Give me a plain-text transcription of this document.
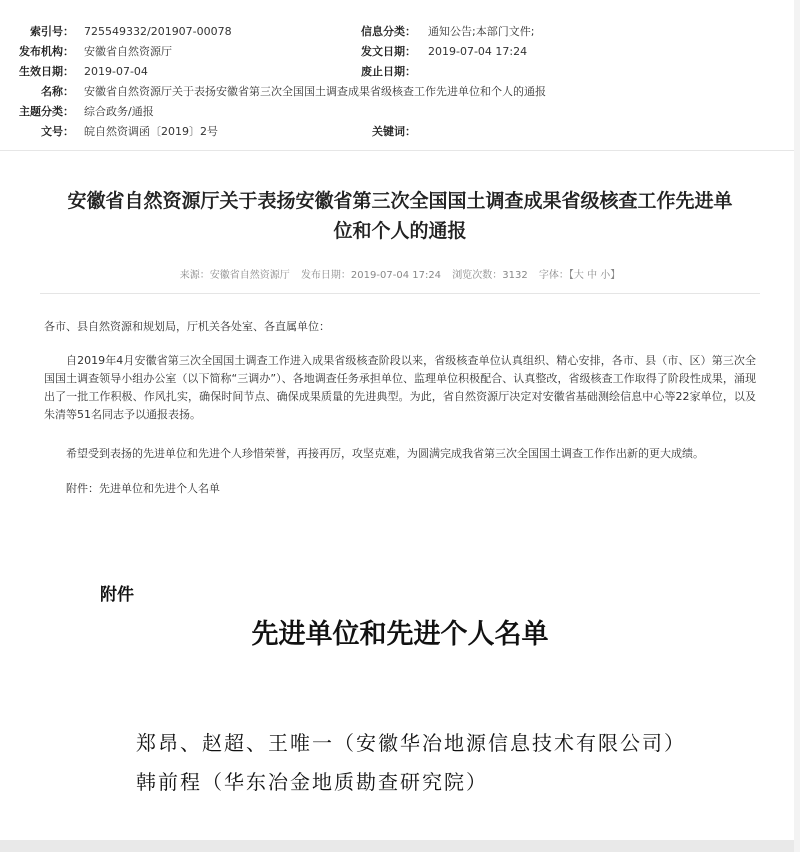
索引号： 725549332/201907-00078	信息分类： 通知公告;本部门文件;
发布机构： 安徽省自然资源厅	发文日期： 2019-07-04 17:24
生效日期： 2019-07-04	废止日期：
名称： 安徽省自然资源厅关于表扬安徽省第三次全国国土调查成果省级核查工作先进单位和个人的通报
主题分类： 综合政务/通报
文号： 皖自然资调函〔2019〕2号	关键词：
安徽省自然资源厅关于表扬安徽省第三次全国国土调查成果省级核查工作先进单
位和个人的通报
来源：安徽省自然资源厅 发布日期：2019-07-04 17:24 浏览次数：3132 字体：【大 中 小】
各市、县自然资源和规划局，厅机关各处室、各直属单位：
自2019年4月安徽省第三次全国国土调查工作进入成果省级核查阶段以来，省级核查单位认真组织、精心安排，各市、县（市、区）第三次全国国土调查领导小组办公室（以下简称“三调办”）、各地调查任务承担单位、监理单位积极配合、认真整改，省级核查工作取得了阶段性成果，涌现出了一批工作积极、作风扎实，确保时间节点、确保成果质量的先进典型。为此，省自然资源厅决定对安徽省基础测绘信息中心等22家单位，以及朱清等51名同志予以通报表扬。
希望受到表扬的先进单位和先进个人珍惜荣誉，再接再厉，攻坚克难，为圆满完成我省第三次全国国土调查工作作出新的更大成绩。
附件：先进单位和先进个人名单
附件
先进单位和先进个人名单
郑昂、赵超、王唯一（安徽华冶地源信息技术有限公司）
韩前程（华东冶金地质勘查研究院）
